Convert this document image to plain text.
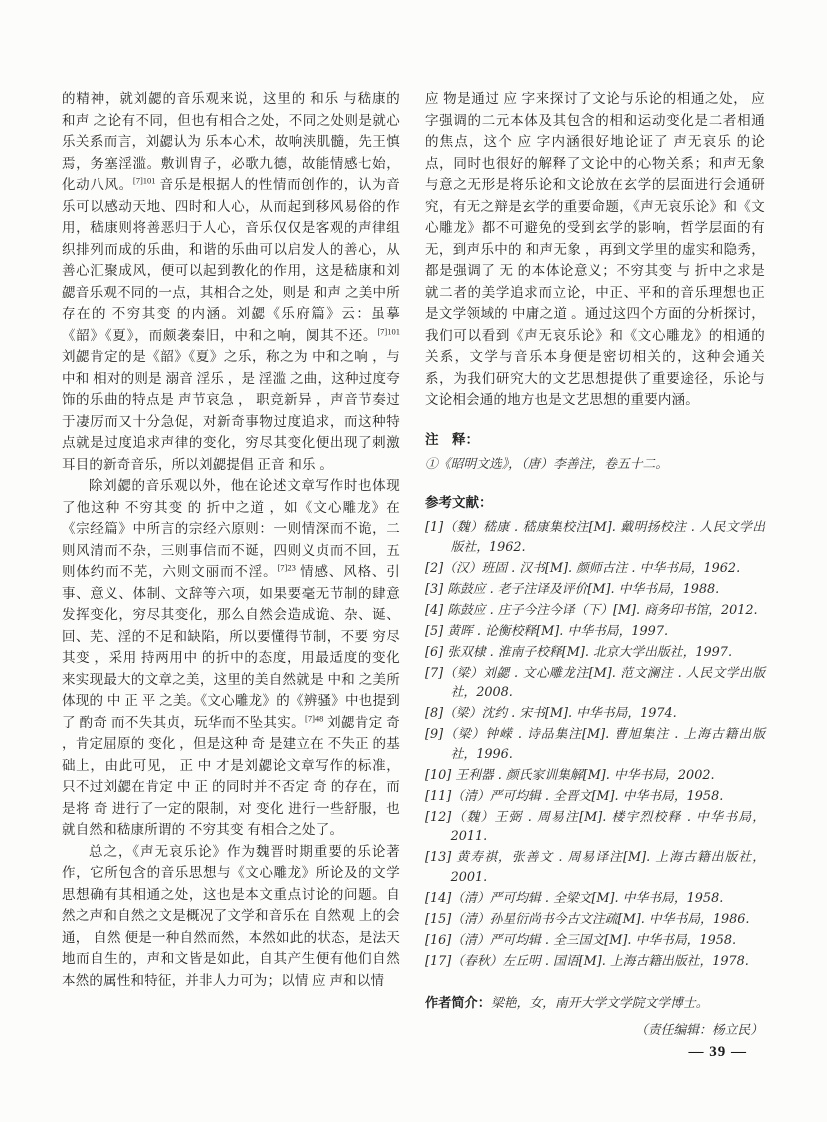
的精神，就刘勰的音乐观来说，这里的 和乐 与嵇康的 和声 之论有不同，但也有相合之处，不同之处则是就心乐关系而言，刘勰认为 乐本心术，故响浃肌髓，先王慎焉，务塞淫滥。敷训胄子，必歌九德，故能情感七始，化动八风。$^{[7]101}$ 音乐是根据人的性情而创作的，认为音乐可以感动天地、四时和人心，从而起到移风易俗的作用，嵇康则将善恶归于人心，音乐仅仅是客观的声律组织排列而成的乐曲，和谐的乐曲可以启发人的善心，从善心汇聚成风，便可以起到教化的作用，这是嵇康和刘勰音乐观不同的一点，其相合之处，则是 和声 之美中所存在的 不穷其变 的内涵。刘勰《乐府篇》云：虽摹《韶》《夏》，而颇袭秦旧，中和之响，阒其不还。$^{[7]101}$ 刘勰肯定的是《韶》《夏》之乐，称之为 中和之响 ，与 中和 相对的则是 溺音 淫乐 ，是 淫滥 之曲，这种过度夸饰的乐曲的特点是 声节哀急 ， 职竞新异 ，声音节奏过于凄厉而又十分急促，对新奇事物过度追求，而这种特点就是过度追求声律的变化，穷尽其变化便出现了刺激耳目的新奇音乐，所以刘勰提倡 正音 和乐 。

除刘勰的音乐观以外，他在论述文章写作时也体现了他这种 不穷其变 的 折中之道 ，如《文心雕龙》在《宗经篇》中所言的宗经六原则：一则情深而不诡，二则风清而不杂，三则事信而不诞，四则义贞而不回，五则体约而不芜，六则文丽而不淫。$^{[7]23}$ 情感、风格、引事、意义、体制、文辞等六项，如果要毫无节制的肆意发挥变化，穷尽其变化，那么自然会造成诡、杂、诞、回、芜、淫的不足和缺陷，所以要懂得节制，不要 穷尽其变 ，采用 持两用中 的折中的态度，用最适度的变化来实现最大的文章之美，这里的美自然就是 中和 之美所体现的 中 正 平 之美。《文心雕龙》的《辨骚》中也提到了 酌奇 而不失其贞，玩华而不坠其实。$^{[7]48}$ 刘勰肯定 奇 ，肯定屈原的 变化 ，但是这种 奇 是建立在 不失正 的基础上，由此可见， 正 中 才是刘勰论文章写作的标准，只不过刘勰在肯定 中 正 的同时并不否定 奇 的存在，而是将 奇 进行了一定的限制，对 变化 进行一些舒服，也就自然和嵇康所谓的 不穷其变 有相合之处了。

总之，《声无哀乐论》作为魏晋时期重要的乐论著作，它所包含的音乐思想与《文心雕龙》所论及的文学思想确有其相通之处，这也是本文重点讨论的问题。自然之声和自然之文是概况了文学和音乐在 自然观 上的会通， 自然 便是一种自然而然，本然如此的状态，是法天地而自生的，声和文皆是如此，自其产生便有他们自然本然的属性和特征，并非人力可为；以情 应 声和以情

应 物是通过 应 字来探讨了文论与乐论的相通之处， 应 字强调的二元本体及其包含的相和运动变化是二者相通的焦点，这个 应 字内涵很好地论证了 声无哀乐 的论点，同时也很好的解释了文论中的心物关系；和声无象与意之无形是将乐论和文论放在玄学的层面进行会通研究，有无之辩是玄学的重要命题，《声无哀乐论》和《文心雕龙》都不可避免的受到玄学的影响，哲学层面的有无，到声乐中的 和声无象 ，再到文学里的虚实和隐秀，都是强调了 无 的本体论意义；不穷其变 与 折中之求是就二者的美学追求而立论，中正、平和的音乐理想也正是文学领域的 中庸之道 。通过这四个方面的分析探讨，我们可以看到《声无哀乐论》和《文心雕龙》的相通的关系，文学与音乐本身便是密切相关的，这种会通关系，为我们研究大的文艺思想提供了重要途径，乐论与文论相会通的地方也是文艺思想的重要内涵。

注　释：

①《昭明文选》，（唐）李善注，卷五十二。

参考文献：

[1]（魏）嵇康 . 嵇康集校注[M]. 戴明扬校注 . 人民文学出版社，1962.

[2]（汉）班固 . 汉书[M]. 颜师古注 . 中华书局，1962.

[3] 陈鼓应 . 老子注译及评价[M]. 中华书局，1988.

[4] 陈鼓应 . 庄子今注今译（下）[M]. 商务印书馆，2012.

[5] 黄晖 . 论衡校释[M]. 中华书局，1997.

[6] 张双棣 . 淮南子校释[M]. 北京大学出版社，1997.

[7]（梁）刘勰 . 文心雕龙注[M]. 范文澜注 . 人民文学出版社，2008.

[8]（梁）沈约 . 宋书[M]. 中华书局，1974.

[9]（梁）钟嵘 . 诗品集注[M]. 曹旭集注 . 上海古籍出版社，1996.

[10] 王利器 . 颜氏家训集解[M]. 中华书局，2002.

[11]（清）严可均辑 . 全晋文[M]. 中华书局，1958.

[12]（魏）王弼 . 周易注[M]. 楼宇烈校释 . 中华书局，2011.

[13] 黄寿祺，张善文 . 周易译注[M]. 上海古籍出版社，2001.

[14]（清）严可均辑 . 全梁文[M]. 中华书局，1958.

[15]（清）孙星衍尚书今古文注疏[M]. 中华书局，1986.

[16]（清）严可均辑 . 全三国文[M]. 中华书局，1958.

[17]（春秋）左丘明 . 国语[M]. 上海古籍出版社，1978.

作者简介：梁艳，女，南开大学文学院文学博士。

（责任编辑：杨立民）

— 39 —
